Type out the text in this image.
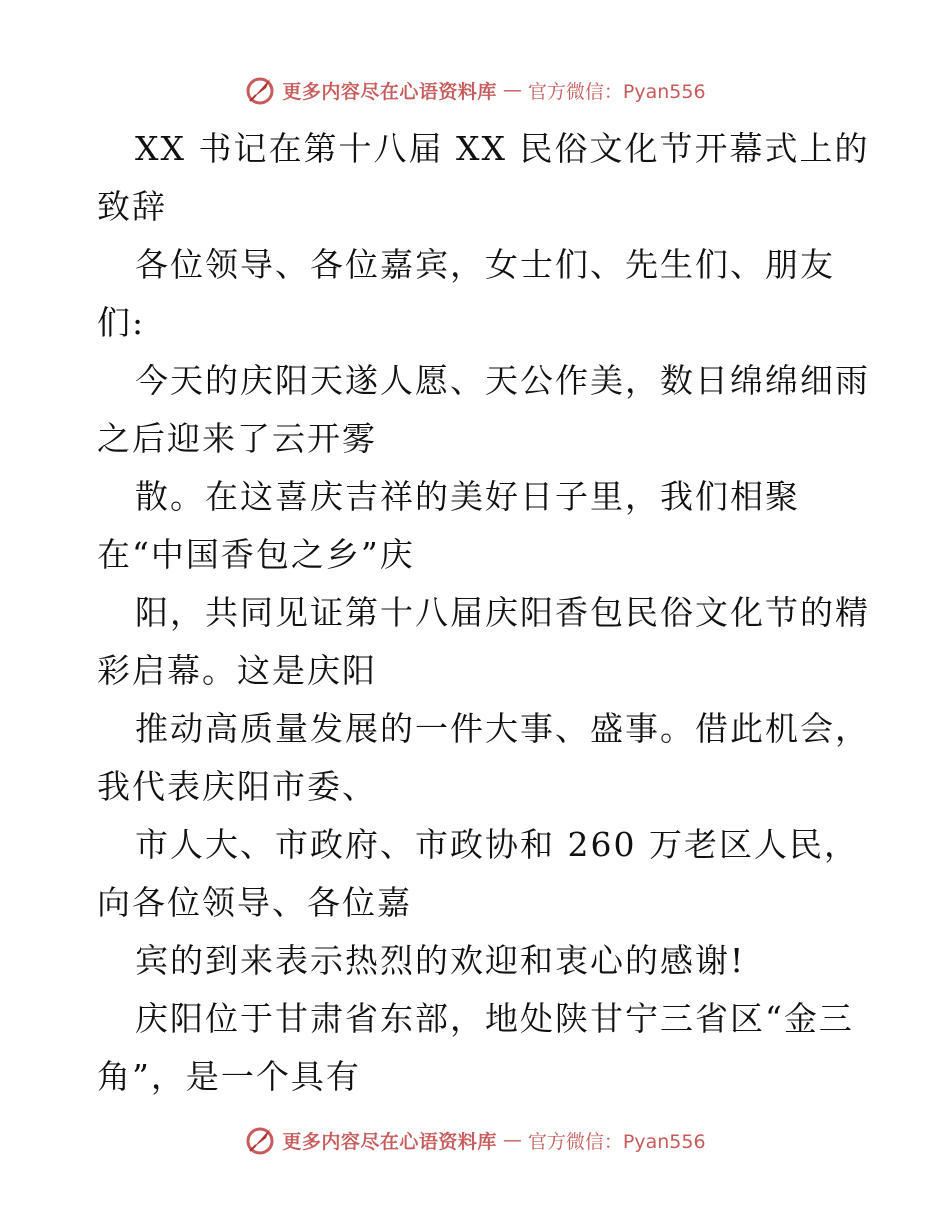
更多内容尽在心语资料库 — 官方微信：Pyan556
XX 书记在第十八届 XX 民俗文化节开幕式上的
致辞
各位领导、各位嘉宾，女士们、先生们、朋友
们:
今天的庆阳天遂人愿、天公作美，数日绵绵细雨
之后迎来了云开雾
散。在这喜庆吉祥的美好日子里，我们相聚
在“中国香包之乡”庆
阳，共同见证第十八届庆阳香包民俗文化节的精
彩启幕。这是庆阳
推动高质量发展的一件大事、盛事。借此机会，
我代表庆阳市委、
市人大、市政府、市政协和 260 万老区人民，
向各位领导、各位嘉
宾的到来表示热烈的欢迎和衷心的感谢!
庆阳位于甘肃省东部，地处陕甘宁三省区“金三
角”，是一个具有
更多内容尽在心语资料库 — 官方微信：Pyan556
